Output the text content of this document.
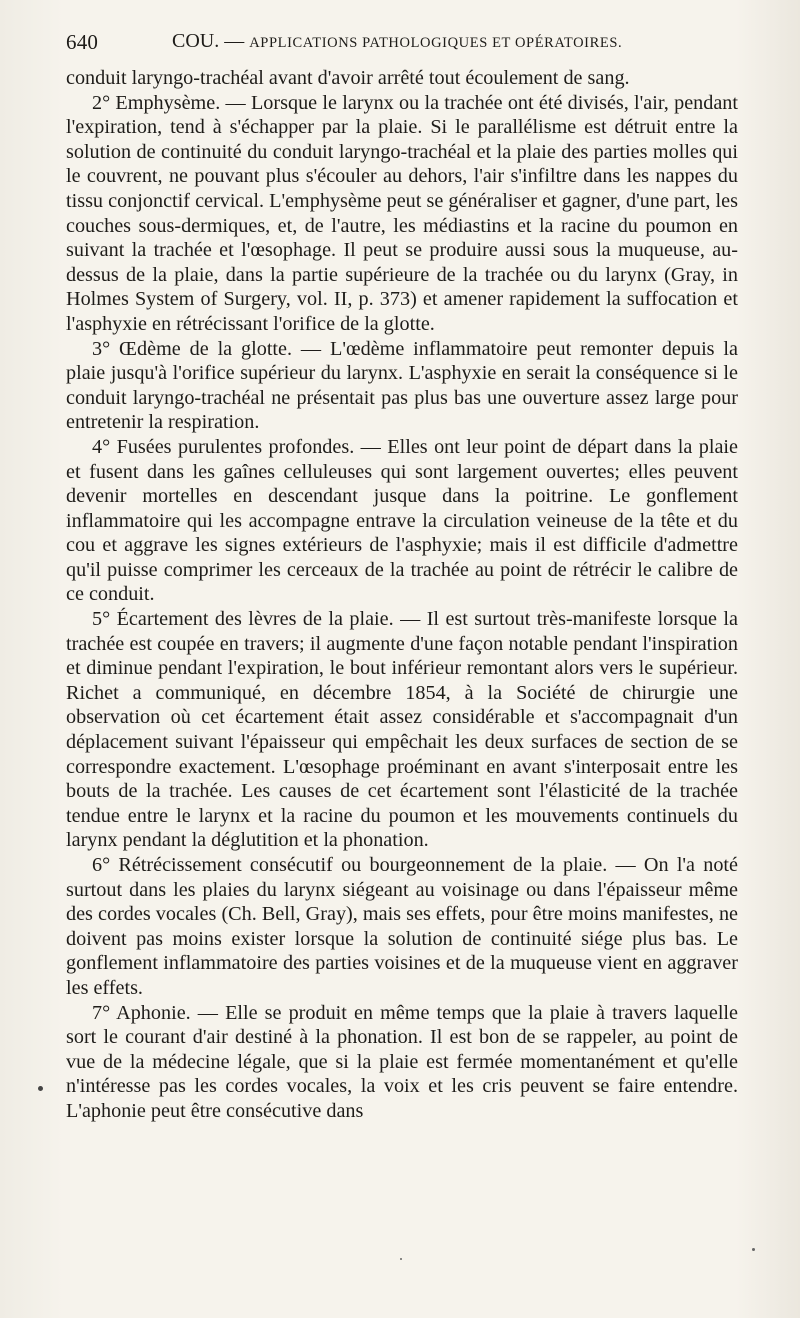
640	COU. — APPLICATIONS PATHOLOGIQUES ET OPÉRATOIRES.

conduit laryngo-trachéal avant d'avoir arrêté tout écoulement de sang.

2° Emphysème. — Lorsque le larynx ou la trachée ont été divisés, l'air, pendant l'expiration, tend à s'échapper par la plaie. Si le parallélisme est détruit entre la solution de continuité du conduit laryngo-trachéal et la plaie des parties molles qui le couvrent, ne pouvant plus s'écouler au dehors, l'air s'infiltre dans les nappes du tissu conjonctif cervical. L'emphysème peut se généraliser et gagner, d'une part, les couches sous-dermiques, et, de l'autre, les médiastins et la racine du poumon en suivant la trachée et l'œsophage. Il peut se produire aussi sous la muqueuse, au-dessus de la plaie, dans la partie supérieure de la trachée ou du larynx (Gray, in Holmes System of Surgery, vol. II, p. 373) et amener rapidement la suffocation et l'asphyxie en rétrécissant l'orifice de la glotte.

3° Œdème de la glotte. — L'œdème inflammatoire peut remonter depuis la plaie jusqu'à l'orifice supérieur du larynx. L'asphyxie en serait la conséquence si le conduit laryngo-trachéal ne présentait pas plus bas une ouverture assez large pour entretenir la respiration.

4° Fusées purulentes profondes. — Elles ont leur point de départ dans la plaie et fusent dans les gaînes celluleuses qui sont largement ouvertes; elles peuvent devenir mortelles en descendant jusque dans la poitrine. Le gonflement inflammatoire qui les accompagne entrave la circulation veineuse de la tête et du cou et aggrave les signes extérieurs de l'asphyxie; mais il est difficile d'admettre qu'il puisse comprimer les cerceaux de la trachée au point de rétrécir le calibre de ce conduit.

5° Écartement des lèvres de la plaie. — Il est surtout très-manifeste lorsque la trachée est coupée en travers; il augmente d'une façon notable pendant l'inspiration et diminue pendant l'expiration, le bout inférieur remontant alors vers le supérieur. Richet a communiqué, en décembre 1854, à la Société de chirurgie une observation où cet écartement était assez considérable et s'accompagnait d'un déplacement suivant l'épaisseur qui empêchait les deux surfaces de section de se correspondre exactement. L'œsophage proéminant en avant s'interposait entre les bouts de la trachée. Les causes de cet écartement sont l'élasticité de la trachée tendue entre le larynx et la racine du poumon et les mouvements continuels du larynx pendant la déglutition et la phonation.

6° Rétrécissement consécutif ou bourgeonnement de la plaie. — On l'a noté surtout dans les plaies du larynx siégeant au voisinage ou dans l'épaisseur même des cordes vocales (Ch. Bell, Gray), mais ses effets, pour être moins manifestes, ne doivent pas moins exister lorsque la solution de continuité siége plus bas. Le gonflement inflammatoire des parties voisines et de la muqueuse vient en aggraver les effets.

7° Aphonie. — Elle se produit en même temps que la plaie à travers laquelle sort le courant d'air destiné à la phonation. Il est bon de se rappeler, au point de vue de la médecine légale, que si la plaie est fermée momentanément et qu'elle n'intéresse pas les cordes vocales, la voix et les cris peuvent se faire entendre. L'aphonie peut être consécutive dans
